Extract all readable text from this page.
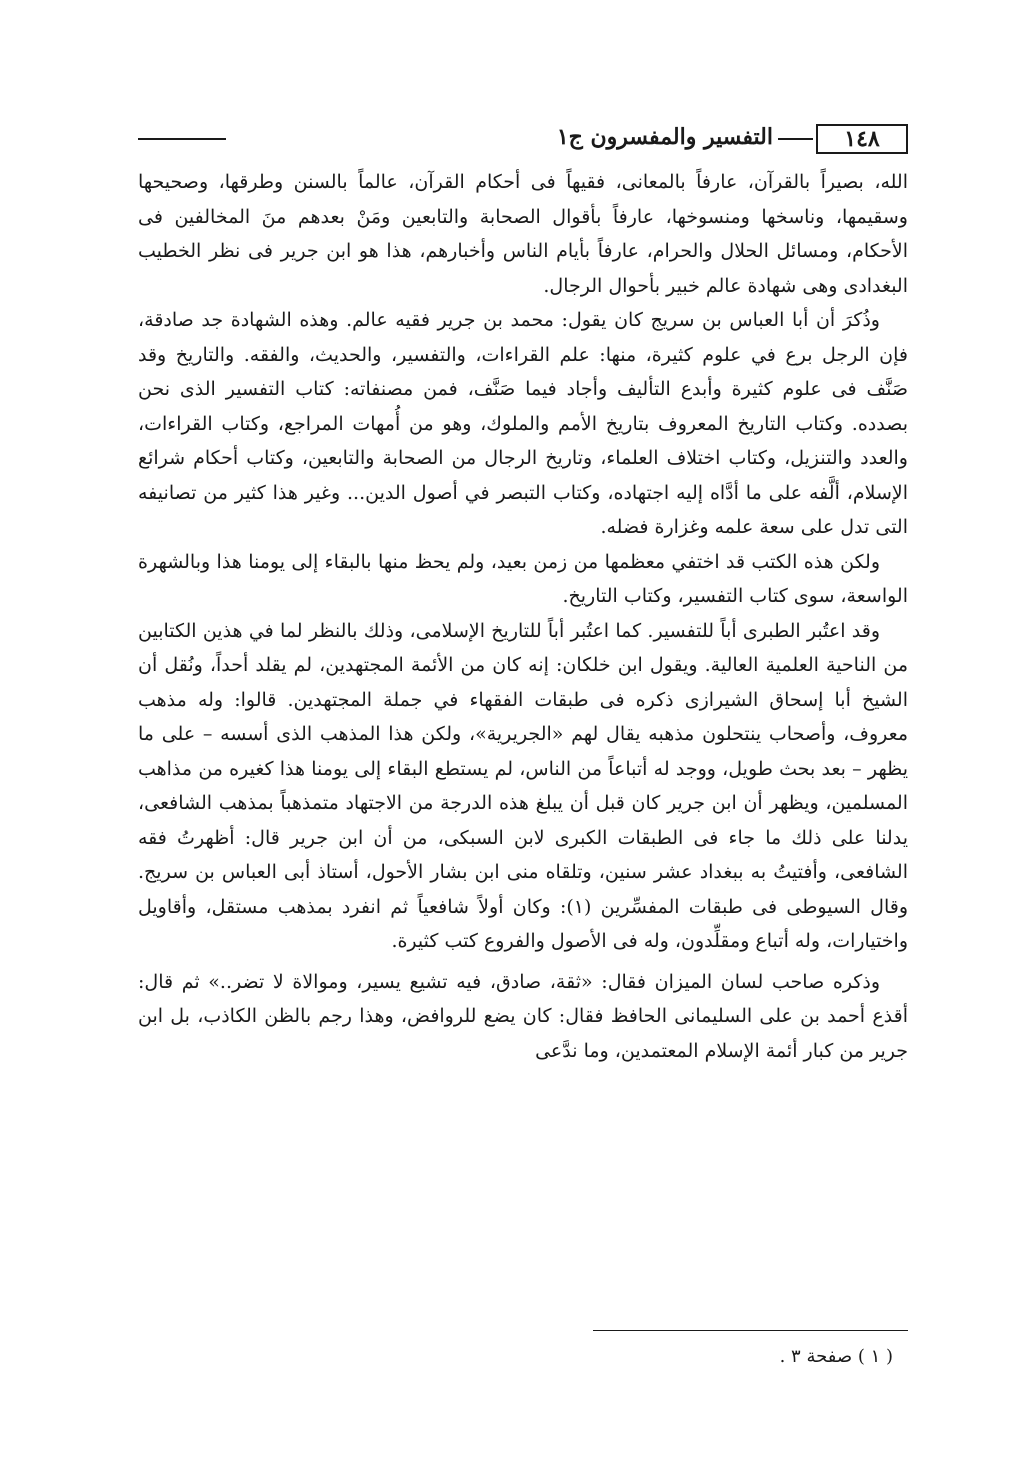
١٤٨
التفسير والمفسرون ج١

الله، بصيراً بالقرآن، عارفاً بالمعانى، فقيهاً فى أحكام القرآن، عالماً بالسنن وطرقها، وصحيحها وسقيمها، وناسخها ومنسوخها، عارفاً بأقوال الصحابة والتابعين ومَنْ بعدهم منَ المخالفين فى الأحكام، ومسائل الحلال والحرام، عارفاً بأيام الناس وأخبارهم، هذا هو ابن جرير فى نظر الخطيب البغدادى وهى شهادة عالم خبير بأحوال الرجال.

وذُكرَ أن أبا العباس بن سريج كان يقول: محمد بن جرير فقيه عالم. وهذه الشهادة جد صادقة، فإن الرجل برع في علوم كثيرة، منها: علم القراءات، والتفسير، والحديث، والفقه. والتاريخ وقد صَنَّف فى علوم كثيرة وأبدع التأليف وأجاد فيما صَنَّف، فمن مصنفاته: كتاب التفسير الذى نحن بصدده. وكتاب التاريخ المعروف بتاريخ الأمم والملوك، وهو من أُمهات المراجع، وكتاب القراءات، والعدد والتنزيل، وكتاب اختلاف العلماء، وتاريخ الرجال من الصحابة والتابعين، وكتاب أحكام شرائع الإسلام، ألَّفه على ما أدَّاه إليه اجتهاده، وكتاب التبصر في أصول الدين... وغير هذا كثير من تصانيفه التى تدل على سعة علمه وغزارة فضله.

ولكن هذه الكتب قد اختفي معظمها من زمن بعيد، ولم يحظ منها بالبقاء إلى يومنا هذا وبالشهرة الواسعة، سوى كتاب التفسير، وكتاب التاريخ.

وقد اعتُبر الطبرى أباً للتفسير. كما اعتُبر أباً للتاريخ الإسلامى، وذلك بالنظر لما في هذين الكتابين من الناحية العلمية العالية. ويقول ابن خلكان: إنه كان من الأئمة المجتهدين، لم يقلد أحداً، ونُقل أن الشيخ أبا إسحاق الشيرازى ذكره فى طبقات الفقهاء في جملة المجتهدين. قالوا: وله مذهب معروف، وأصحاب ينتحلون مذهبه يقال لهم «الجريرية»، ولكن هذا المذهب الذى أسسه – على ما يظهر – بعد بحث طويل، ووجد له أتباعاً من الناس، لم يستطع البقاء إلى يومنا هذا كغيره من مذاهب المسلمين، ويظهر أن ابن جرير كان قبل أن يبلغ هذه الدرجة من الاجتهاد متمذهباً بمذهب الشافعى، يدلنا على ذلك ما جاء فى الطبقات الكبرى لابن السبكى، من أن ابن جرير قال: أظهرتُ فقه الشافعى، وأفتيتُ به ببغداد عشر سنين، وتلقاه منى ابن بشار الأحول، أستاذ أبى العباس بن سريج. وقال السيوطى فى طبقات المفسِّرين (١): وكان أولاً شافعياً ثم انفرد بمذهب مستقل، وأقاويل واختيارات، وله أتباع ومقلِّدون، وله فى الأصول والفروع كتب كثيرة.

وذكره صاحب لسان الميزان فقال: «ثقة، صادق، فيه تشيع يسير، وموالاة لا تضر..» ثم قال: أقذع أحمد بن على السليمانى الحافظ فقال: كان يضع للروافض، وهذا رجم بالظن الكاذب، بل ابن جرير من كبار أئمة الإسلام المعتمدين، وما ندَّعى

( ١ ) صفحة ٣ .
